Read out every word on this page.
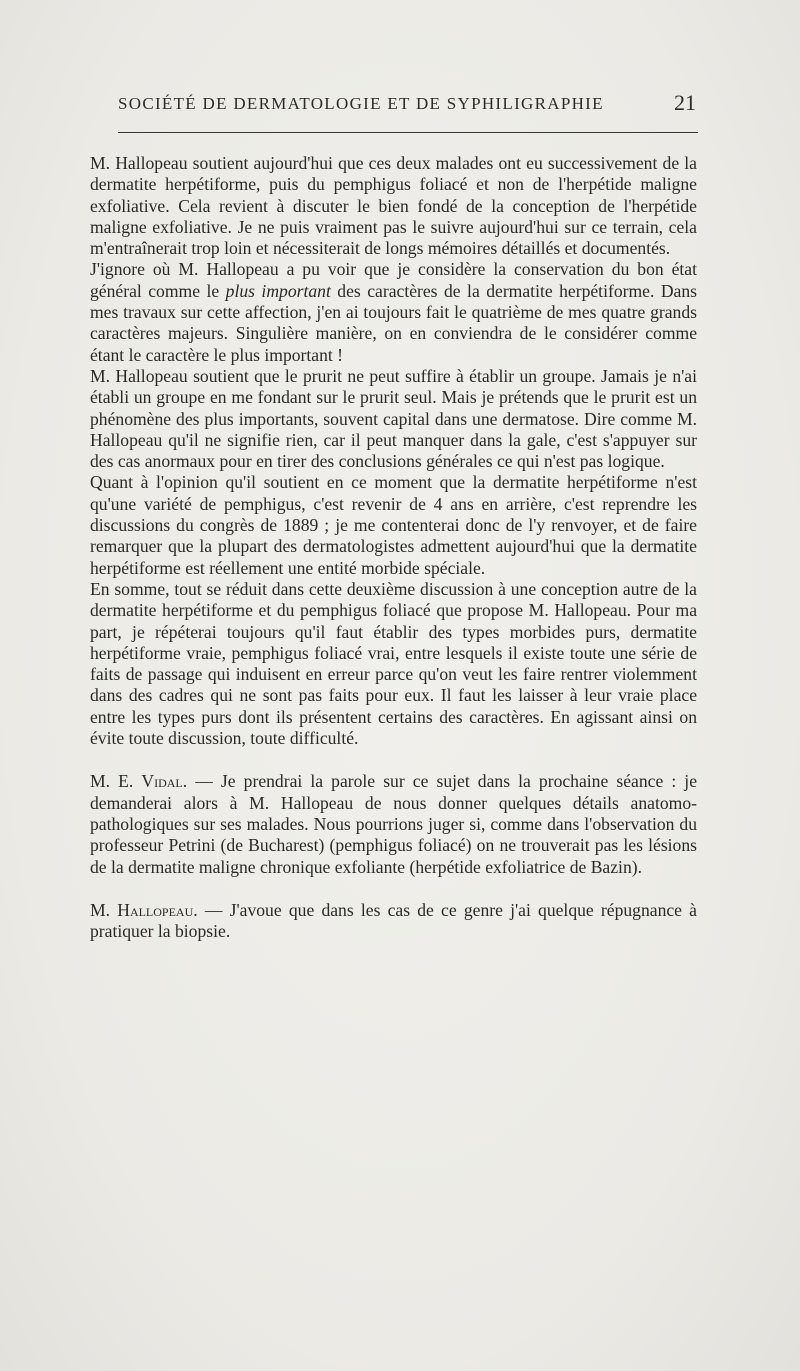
SOCIÉTÉ DE DERMATOLOGIE ET DE SYPHILIGRAPHIE	21

M. Hallopeau soutient aujourd'hui que ces deux malades ont eu successivement de la dermatite herpétiforme, puis du pemphigus foliacé et non de l'herpétide maligne exfoliative. Cela revient à discuter le bien fondé de la conception de l'herpétide maligne exfoliative. Je ne puis vraiment pas le suivre aujourd'hui sur ce terrain, cela m'entraînerait trop loin et nécessiterait de longs mémoires détaillés et documentés.

J'ignore où M. Hallopeau a pu voir que je considère la conservation du bon état général comme le plus important des caractères de la dermatite herpétiforme. Dans mes travaux sur cette affection, j'en ai toujours fait le quatrième de mes quatre grands caractères majeurs. Singulière manière, on en conviendra de le considérer comme étant le caractère le plus important !

M. Hallopeau soutient que le prurit ne peut suffire à établir un groupe. Jamais je n'ai établi un groupe en me fondant sur le prurit seul. Mais je prétends que le prurit est un phénomène des plus importants, souvent capital dans une dermatose. Dire comme M. Hallopeau qu'il ne signifie rien, car il peut manquer dans la gale, c'est s'appuyer sur des cas anormaux pour en tirer des conclusions générales ce qui n'est pas logique.

Quant à l'opinion qu'il soutient en ce moment que la dermatite herpétiforme n'est qu'une variété de pemphigus, c'est revenir de 4 ans en arrière, c'est reprendre les discussions du congrès de 1889 ; je me contenterai donc de l'y renvoyer, et de faire remarquer que la plupart des dermatologistes admettent aujourd'hui que la dermatite herpétiforme est réellement une entité morbide spéciale.

En somme, tout se réduit dans cette deuxième discussion à une conception autre de la dermatite herpétiforme et du pemphigus foliacé que propose M. Hallopeau. Pour ma part, je répéterai toujours qu'il faut établir des types morbides purs, dermatite herpétiforme vraie, pemphigus foliacé vrai, entre lesquels il existe toute une série de faits de passage qui induisent en erreur parce qu'on veut les faire rentrer violemment dans des cadres qui ne sont pas faits pour eux. Il faut les laisser à leur vraie place entre les types purs dont ils présentent certains des caractères. En agissant ainsi on évite toute discussion, toute difficulté.

M. E. Vidal. — Je prendrai la parole sur ce sujet dans la prochaine séance : je demanderai alors à M. Hallopeau de nous donner quelques détails anatomo-pathologiques sur ses malades. Nous pourrions juger si, comme dans l'observation du professeur Petrini (de Bucharest) (pemphigus foliacé) on ne trouverait pas les lésions de la dermatite maligne chronique exfoliante (herpétide exfoliatrice de Bazin).

M. Hallopeau. — J'avoue que dans les cas de ce genre j'ai quelque répugnance à pratiquer la biopsie.
